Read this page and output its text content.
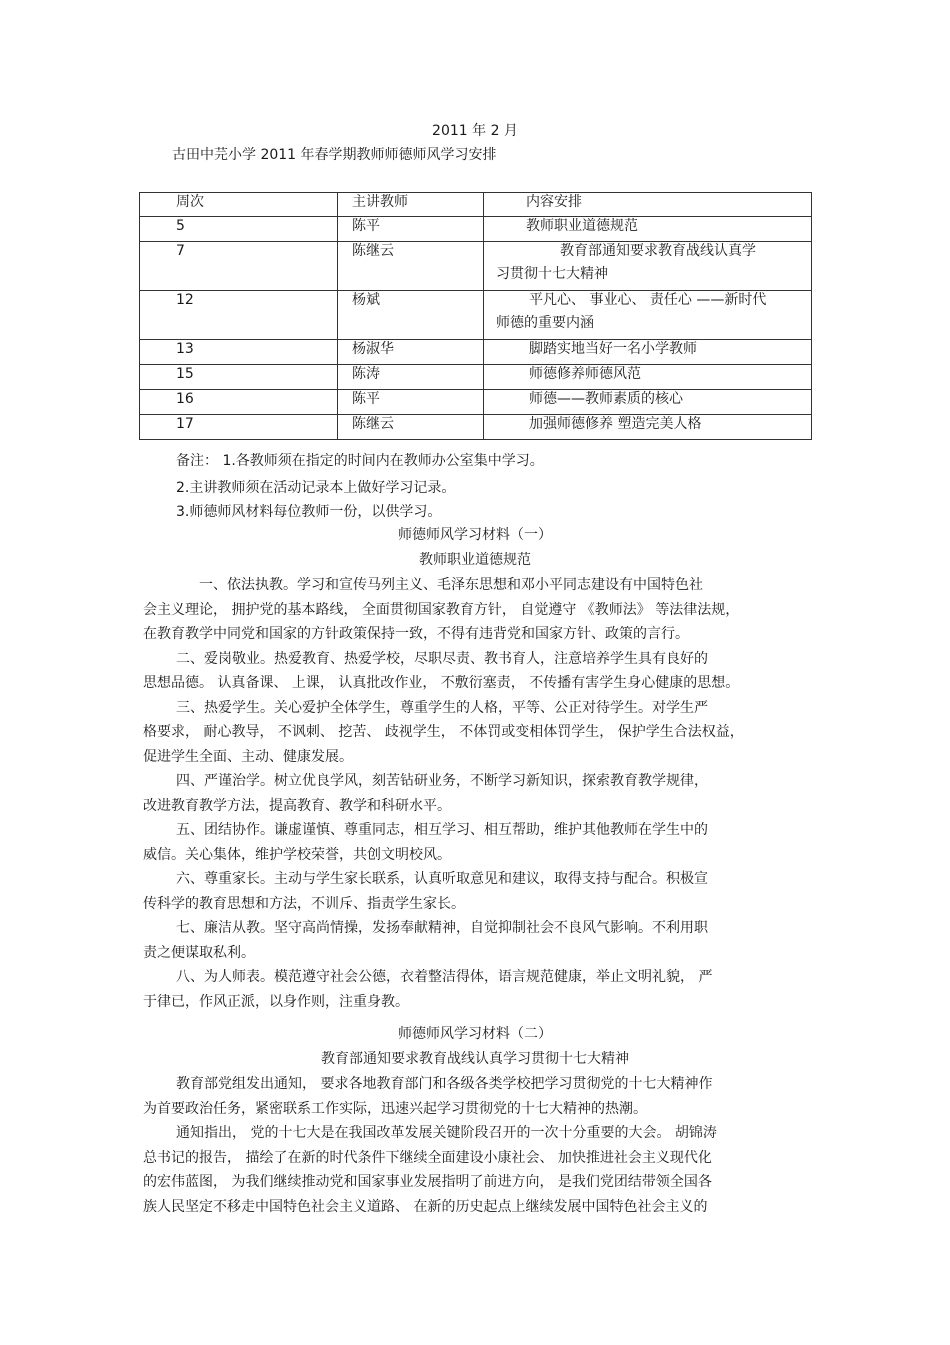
2011 年 2 月
古田中芫小学 2011 年春学期教师师德师风学习安排
周次	主讲教师	内容安排
5	陈平	教师职业道德规范

7	陈继云	教育部通知要求教育战线认真学
习贯彻十七大精神

12	杨斌	平凡心、 事业心、 责任心 ——新时代
师德的重要内涵

13	杨淑华	脚踏实地当好一名小学教师

15	陈涛	师德修养师德风范

16	陈平	师德——教师素质的核心

17	陈继云	加强师德修养 塑造完美人格
备注： 1.各教师须在指定的时间内在教师办公室集中学习。
2.主讲教师须在活动记录本上做好学习记录。
3.师德师风材料每位教师一份，以供学习。
师德师风学习材料（一）
教师职业道德规范
一、依法执教。学习和宣传马列主义、毛泽东思想和邓小平同志建设有中国特色社
会主义理论， 拥护党的基本路线， 全面贯彻国家教育方针， 自觉遵守 《教师法》 等法律法规，
在教育教学中同党和国家的方针政策保持一致，不得有违背党和国家方针、政策的言行。
二、爱岗敬业。热爱教育、热爱学校，尽职尽责、教书育人，注意培养学生具有良好的
思想品德。 认真备课、 上课， 认真批改作业， 不敷衍塞责， 不传播有害学生身心健康的思想。
三、热爱学生。关心爱护全体学生，尊重学生的人格，平等、公正对待学生。对学生严
格要求， 耐心教导， 不讽刺、 挖苦、 歧视学生， 不体罚或变相体罚学生， 保护学生合法权益，
促进学生全面、主动、健康发展。
四、严谨治学。树立优良学风，刻苦钻研业务，不断学习新知识，探索教育教学规律，
改进教育教学方法，提高教育、教学和科研水平。
五、团结协作。谦虚谨慎、尊重同志，相互学习、相互帮助，维护其他教师在学生中的
威信。关心集体，维护学校荣誉，共创文明校风。
六、尊重家长。主动与学生家长联系，认真听取意见和建议，取得支持与配合。积极宣
传科学的教育思想和方法，不训斥、指责学生家长。
七、廉洁从教。坚守高尚情操，发扬奉献精神，自觉抑制社会不良风气影响。不利用职
责之便谋取私利。
八、为人师表。模范遵守社会公德，衣着整洁得体，语言规范健康，举止文明礼貌， 严
于律已，作风正派，以身作则，注重身教。
师德师风学习材料（二）
教育部通知要求教育战线认真学习贯彻十七大精神
教育部党组发出通知， 要求各地教育部门和各级各类学校把学习贯彻党的十七大精神作
为首要政治任务，紧密联系工作实际，迅速兴起学习贯彻党的十七大精神的热潮。
通知指出， 党的十七大是在我国改革发展关键阶段召开的一次十分重要的大会。 胡锦涛
总书记的报告， 描绘了在新的时代条件下继续全面建设小康社会、 加快推进社会主义现代化
的宏伟蓝图， 为我们继续推动党和国家事业发展指明了前进方向， 是我们党团结带领全国各
族人民坚定不移走中国特色社会主义道路、 在新的历史起点上继续发展中国特色社会主义的
